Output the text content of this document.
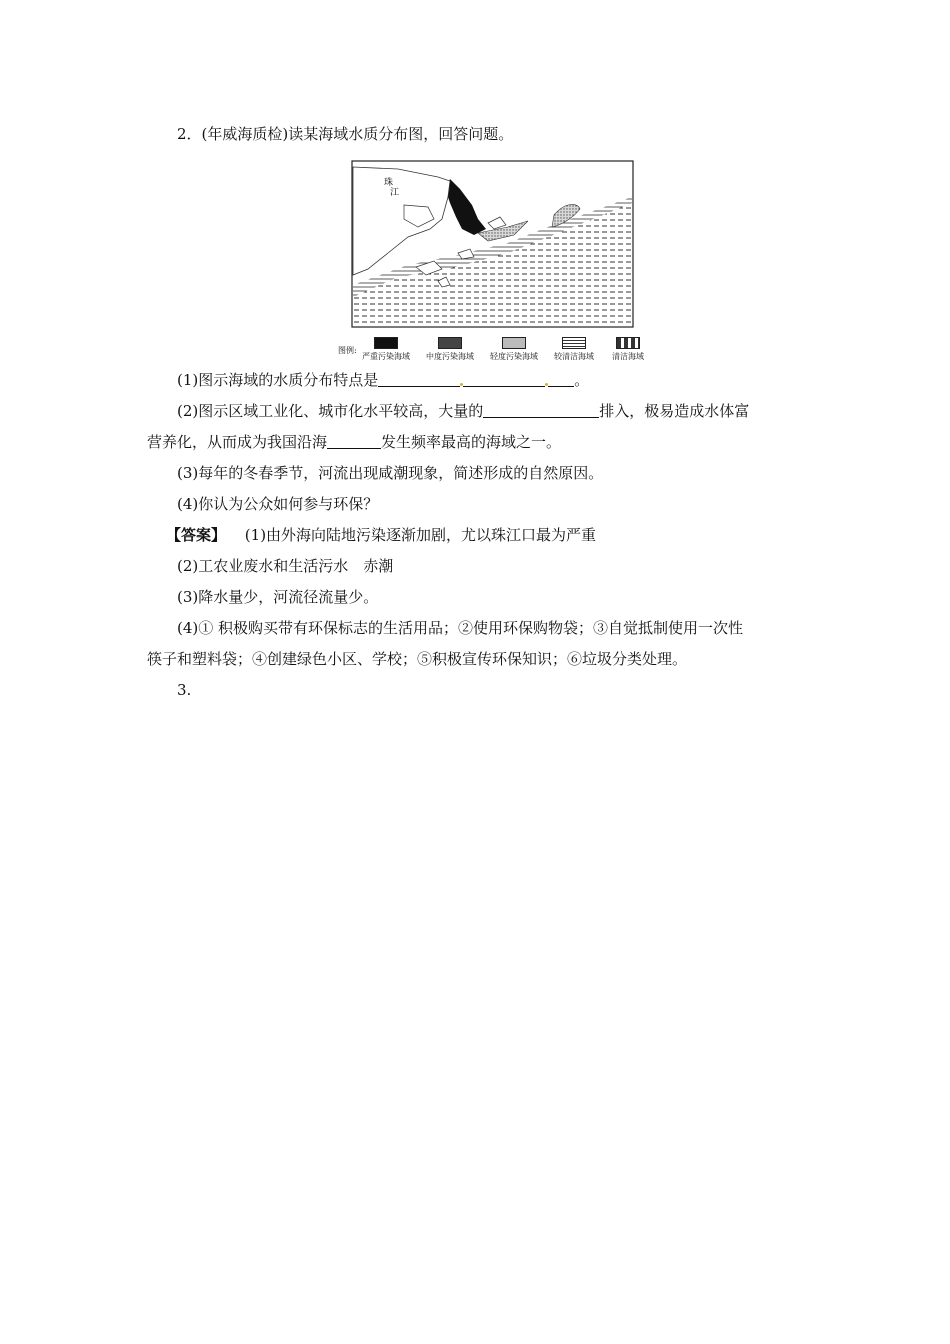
2．(年威海质检)读某海域水质分布图，回答问题。
珠
江
图例:
严重污染海域	中度污染海域	轻度污染海域	较清洁海域	清洁海域
(1)图示海域的水质分布特点是	。
(2)图示区域工业化、城市化水平较高，大量的	排入，极易造成水体富
营养化，从而成为我国沿海	发生频率最高的海域之一。
(3)每年的冬春季节，河流出现咸潮现象，简述形成的自然原因。
(4)你认为公众如何参与环保？
【答案】 (1)由外海向陆地污染逐渐加剧，尤以珠江口最为严重
(2)工农业废水和生活污水　赤潮
(3)降水量少，河流径流量少。
(4)① 积极购买带有环保标志的生活用品；②使用环保购物袋；③自觉抵制使用一次性
筷子和塑料袋；④创建绿色小区、学校；⑤积极宣传环保知识；⑥垃圾分类处理。
3.
